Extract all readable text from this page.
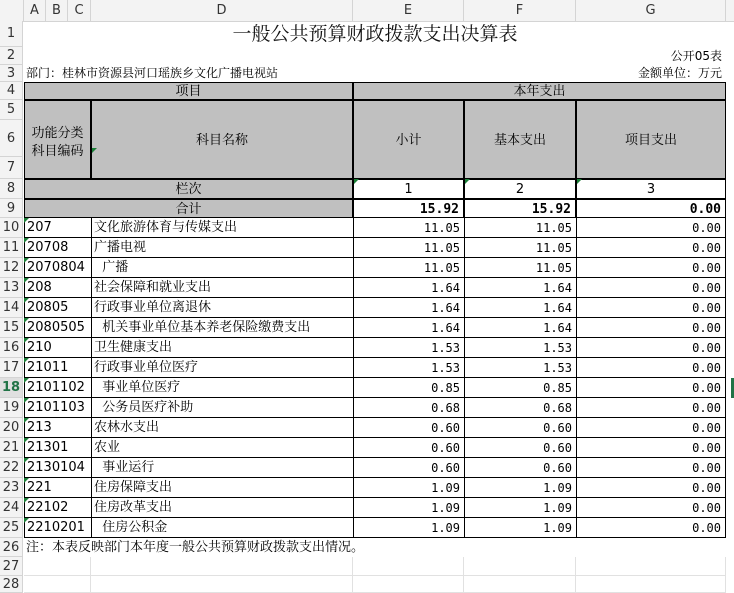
A	B	C	D	E	F	G
1
2
3
4
5
6
7
8
9
10
11
12
13
14
15
16
17
18
19
20
21
22
23
24
25
26
27
28
一般公共预算财政拨款支出决算表
公开05表
部门：桂林市资源县河口瑶族乡文化广播电视站	金额单位：万元
项目	本年支出
功能分类
科目编码
科目名称	小计	基本支出	项目支出
栏次	1	2	3
合计	15.92	15.92	0.00
207	文化旅游体育与传媒支出	11.05	11.05	0.00
20708	广播电视	11.05	11.05	0.00
2070804 广播	11.05	11.05	0.00
208	社会保障和就业支出	1.64	1.64	0.00
20805	行政事业单位离退休	1.64	1.64	0.00
2080505 机关事业单位基本养老保险缴费支出	1.64	1.64	0.00
210	卫生健康支出	1.53	1.53	0.00
21011	行政事业单位医疗	1.53	1.53	0.00
2101102 事业单位医疗	0.85	0.85	0.00
2101103 公务员医疗补助	0.68	0.68	0.00
213	农林水支出	0.60	0.60	0.00
21301	农业	0.60	0.60	0.00
2130104 事业运行	0.60	0.60	0.00
221	住房保障支出	1.09	1.09	0.00
22102	住房改革支出	1.09	1.09	0.00
2210201 住房公积金	1.09	1.09	0.00
注：本表反映部门本年度一般公共预算财政拨款支出情况。
